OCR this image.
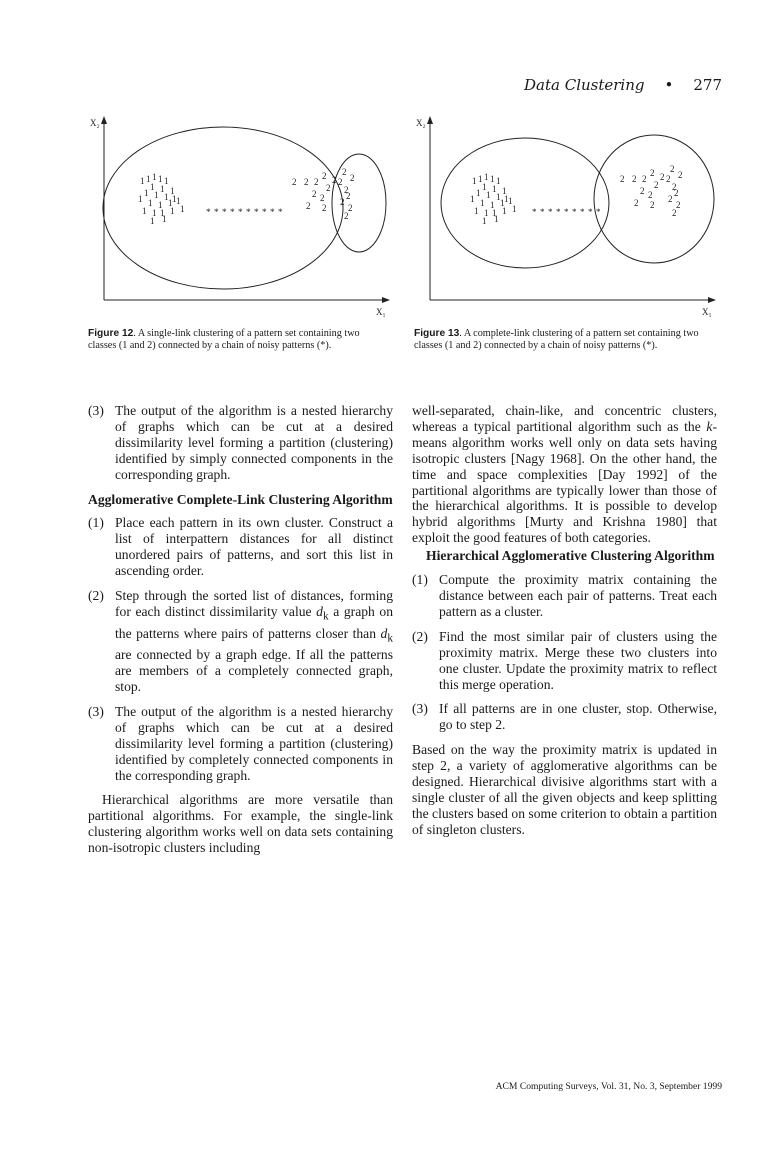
Data Clustering • 277
X₂
X₁
1 1 1 1 1
1 1 1
1 1 1 1
1 1 1 1 1
1 1 1 1
1 1
1 * * * * * * * * * *
2 2 2
2
2
2 2
2
2
2 2
2 2
2
2
2
2
2
Figure 12. A single-link clustering of a pattern set containing two classes (1 and 2) connected by a chain of noisy patterns (*).
X₂
X₁
1 1 1 1 1
1 1 1
1 1 1 1
1 1 1 1 1
1 1 1 1
1 1
1 * * * * * * * * *
2 2 2
2
2
2 2
2
2
2 2
2 2
2
2
2
2
2
Figure 13. A complete-link clustering of a pattern set containing two classes (1 and 2) connected by a chain of noisy patterns (*).
(3) The output of the algorithm is a nested hierarchy of graphs which can be cut at a desired dissimilarity level forming a partition (clustering) identified by simply connected components in the corresponding graph.
Agglomerative Complete-Link Clustering Algorithm
(1) Place each pattern in its own cluster. Construct a list of interpattern distances for all distinct unordered pairs of patterns, and sort this list in ascending order.
(2) Step through the sorted list of distances, forming for each distinct dissimilarity value $d_k$ a graph on the patterns where pairs of patterns closer than $d_k$ are connected by a graph edge. If all the patterns are members of a completely connected graph, stop.
(3) The output of the algorithm is a nested hierarchy of graphs which can be cut at a desired dissimilarity level forming a partition (clustering) identified by completely connected components in the corresponding graph.

Hierarchical algorithms are more versatile than partitional algorithms. For example, the single-link clustering algorithm works well on data sets containing non-isotropic clusters including

well-separated, chain-like, and concentric clusters, whereas a typical partitional algorithm such as the k-means algorithm works well only on data sets having isotropic clusters [Nagy 1968]. On the other hand, the time and space complexities [Day 1992] of the partitional algorithms are typically lower than those of the hierarchical algorithms. It is possible to develop hybrid algorithms [Murty and Krishna 1980] that exploit the good features of both categories.

Hierarchical Agglomerative Clustering Algorithm
(1) Compute the proximity matrix containing the distance between each pair of patterns. Treat each pattern as a cluster.
(2) Find the most similar pair of clusters using the proximity matrix. Merge these two clusters into one cluster. Update the proximity matrix to reflect this merge operation.
(3) If all patterns are in one cluster, stop. Otherwise, go to step 2.

Based on the way the proximity matrix is updated in step 2, a variety of agglomerative algorithms can be designed. Hierarchical divisive algorithms start with a single cluster of all the given objects and keep splitting the clusters based on some criterion to obtain a partition of singleton clusters.

ACM Computing Surveys, Vol. 31, No. 3, September 1999
